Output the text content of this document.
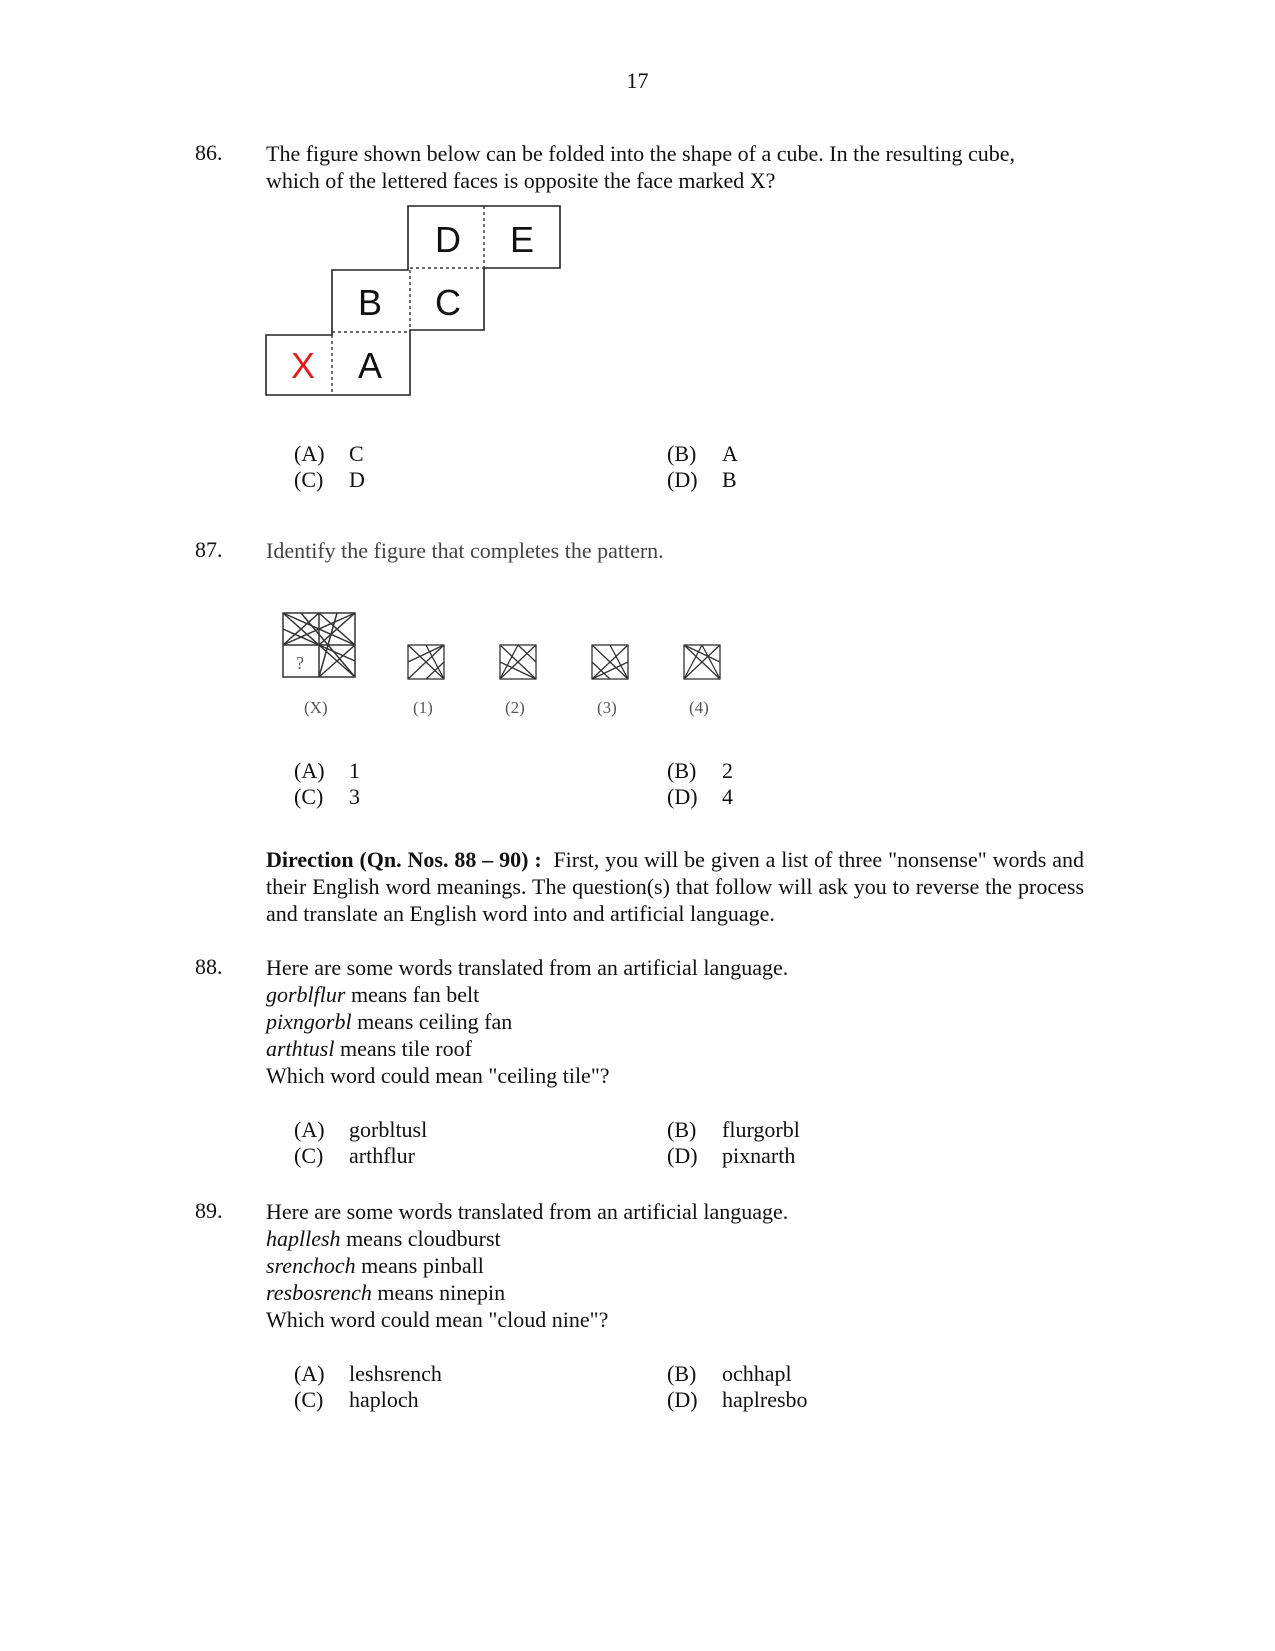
17
86. The figure shown below can be folded into the shape of a cube. In the resulting cube,
which of the lettered faces is opposite the face marked X?
X A
B C
D E
(A) C	(B) A
(C) D	(D) B
87. Identify the figure that completes the pattern.
?
(X)	(1)	(2)	(3)	(4)
(A) 1	(B) 2
(C) 3	(D) 4
Direction (Qn. Nos. 88 – 90) : First, you will be given a list of three "nonsense" words and their English word meanings. The question(s) that follow will ask you to reverse the process and translate an English word into and artificial language.
88. Here are some words translated from an artificial language.
gorblflur means fan belt
pixngorbl means ceiling fan
arthtusl means tile roof
Which word could mean "ceiling tile"?
(A) gorbltusl	(B) flurgorbl
(C) arthflur	(D) pixnarth
89. Here are some words translated from an artificial language.
hapllesh means cloudburst
srenchoch means pinball
resbosrench means ninepin
Which word could mean "cloud nine"?
(A) leshsrench	(B) ochhapl
(C) haploch	(D) haplresbo
